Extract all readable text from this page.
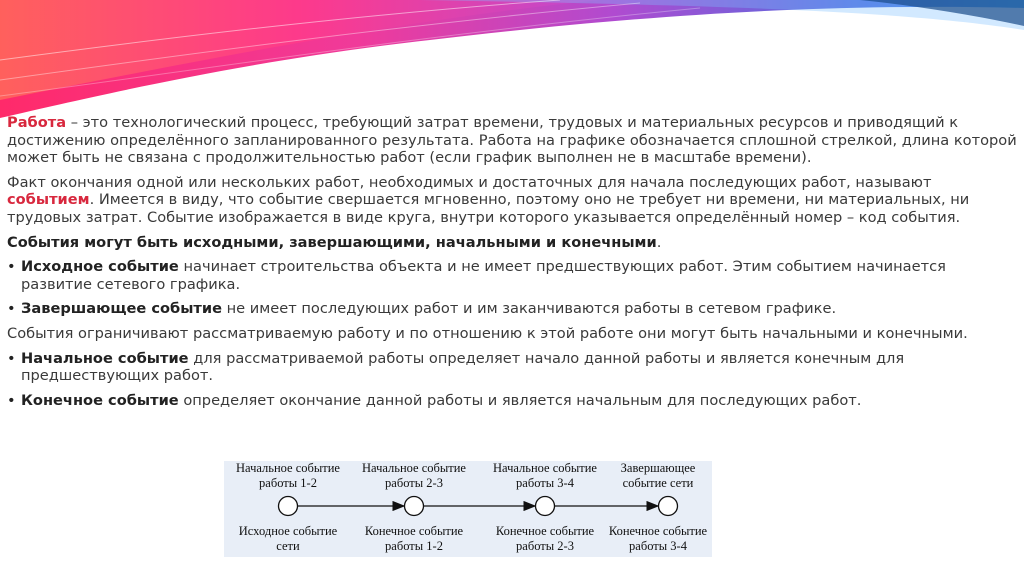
Работа – это технологический процесс, требующий затрат времени, трудовых и материальных ресурсов и приводящий к достижению определённого запланированного результата. Работа на графике обозначается сплошной стрелкой, длина которой может быть не связана с продолжительностью работ (если график выполнен не в масштабе времени).

Факт окончания одной или нескольких работ, необходимых и достаточных для начала последующих работ, называют событием. Имеется в виду, что событие свершается мгновенно, поэтому оно не требует ни времени, ни материальных, ни трудовых затрат. Событие изображается в виде круга, внутри которого указывается определённый номер – код события.

События могут быть исходными, завершающими, начальными и конечными.

• Исходное событие начинает строительства объекта и не имеет предшествующих работ. Этим событием начинается развитие сетевого графика.

• Завершающее событие не имеет последующих работ и им заканчиваются работы в сетевом графике.

События ограничивают рассматриваемую работу и по отношению к этой работе они могут быть начальными и конечными.

• Начальное событие для рассматриваемой работы определяет начало данной работы и является конечным для предшествующих работ.

• Конечное событие определяет окончание данной работы и является начальным для последующих работ.

Начальное событие
работы 1-2
Начальное событие
работы 2-3
Начальное событие
работы 3-4
Завершающее
событие сети
Исходное событие
сети
Конечное событие
работы 1-2
Конечное событие
работы 2-3
Конечное событие
работы 3-4
